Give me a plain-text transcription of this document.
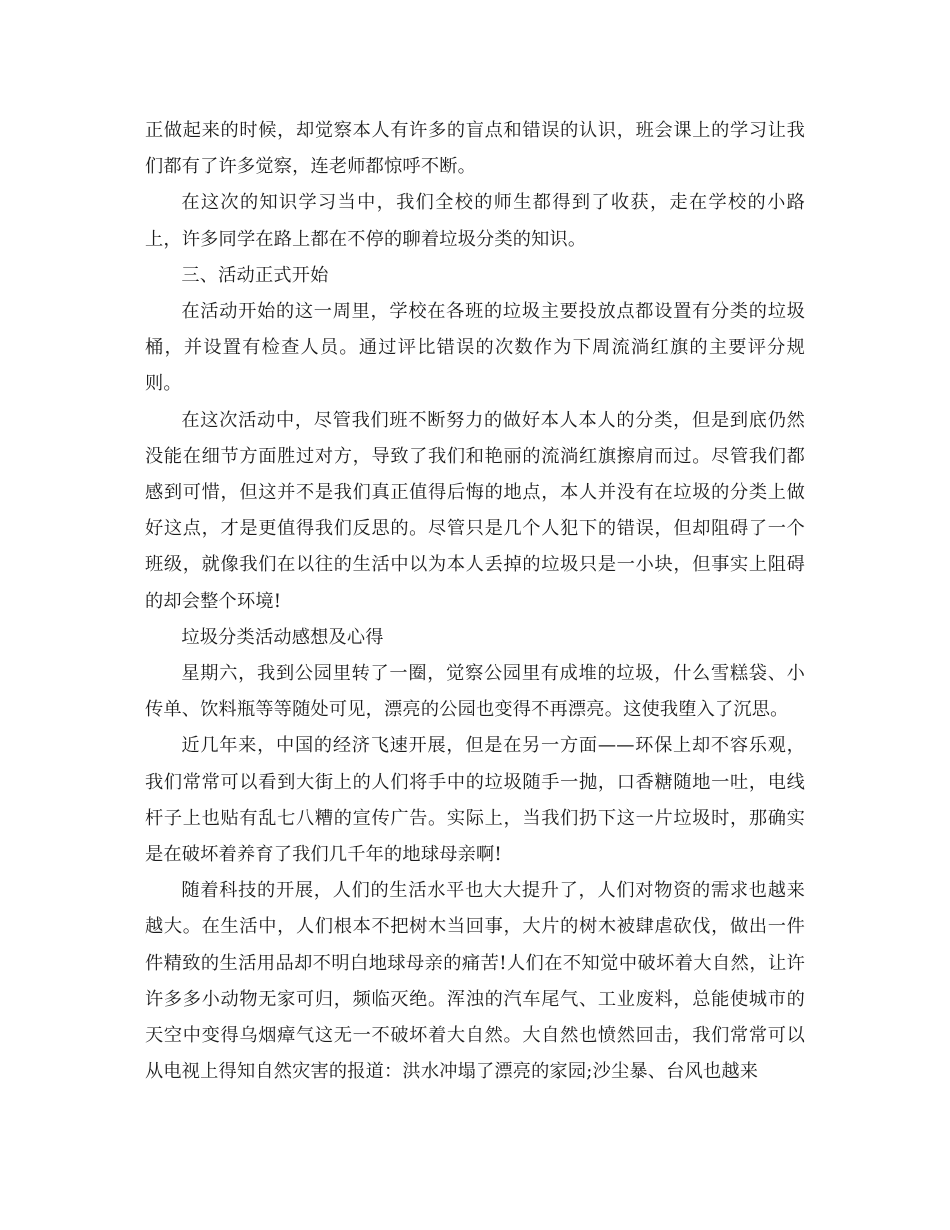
正做起来的时候，却觉察本人有许多的盲点和错误的认识，班会课上的学习让我们都有了许多觉察，连老师都惊呼不断。

在这次的知识学习当中，我们全校的师生都得到了收获，走在学校的小路上，许多同学在路上都在不停的聊着垃圾分类的知识。

三、活动正式开始

在活动开始的这一周里，学校在各班的垃圾主要投放点都设置有分类的垃圾桶，并设置有检查人员。通过评比错误的次数作为下周流淌红旗的主要评分规则。

在这次活动中，尽管我们班不断努力的做好本人本人的分类，但是到底仍然没能在细节方面胜过对方，导致了我们和艳丽的流淌红旗擦肩而过。尽管我们都感到可惜，但这并不是我们真正值得后悔的地点，本人并没有在垃圾的分类上做好这点，才是更值得我们反思的。尽管只是几个人犯下的错误，但却阻碍了一个班级，就像我们在以往的生活中以为本人丢掉的垃圾只是一小块，但事实上阻碍的却会整个环境!

垃圾分类活动感想及心得

星期六，我到公园里转了一圈，觉察公园里有成堆的垃圾，什么雪糕袋、小传单、饮料瓶等等随处可见，漂亮的公园也变得不再漂亮。这使我堕入了沉思。

近几年来，中国的经济飞速开展，但是在另一方面——环保上却不容乐观，我们常常可以看到大街上的人们将手中的垃圾随手一抛，口香糖随地一吐，电线杆子上也贴有乱七八糟的宣传广告。实际上，当我们扔下这一片垃圾时，那确实是在破坏着养育了我们几千年的地球母亲啊!

随着科技的开展，人们的生活水平也大大提升了，人们对物资的需求也越来越大。在生活中，人们根本不把树木当回事，大片的树木被肆虐砍伐，做出一件件精致的生活用品却不明白地球母亲的痛苦!人们在不知觉中破坏着大自然，让许许多多小动物无家可归，频临灭绝。浑浊的汽车尾气、工业废料，总能使城市的天空中变得乌烟瘴气这无一不破坏着大自然。大自然也愤然回击，我们常常可以从电视上得知自然灾害的报道：洪水冲塌了漂亮的家园;沙尘暴、台风也越来
